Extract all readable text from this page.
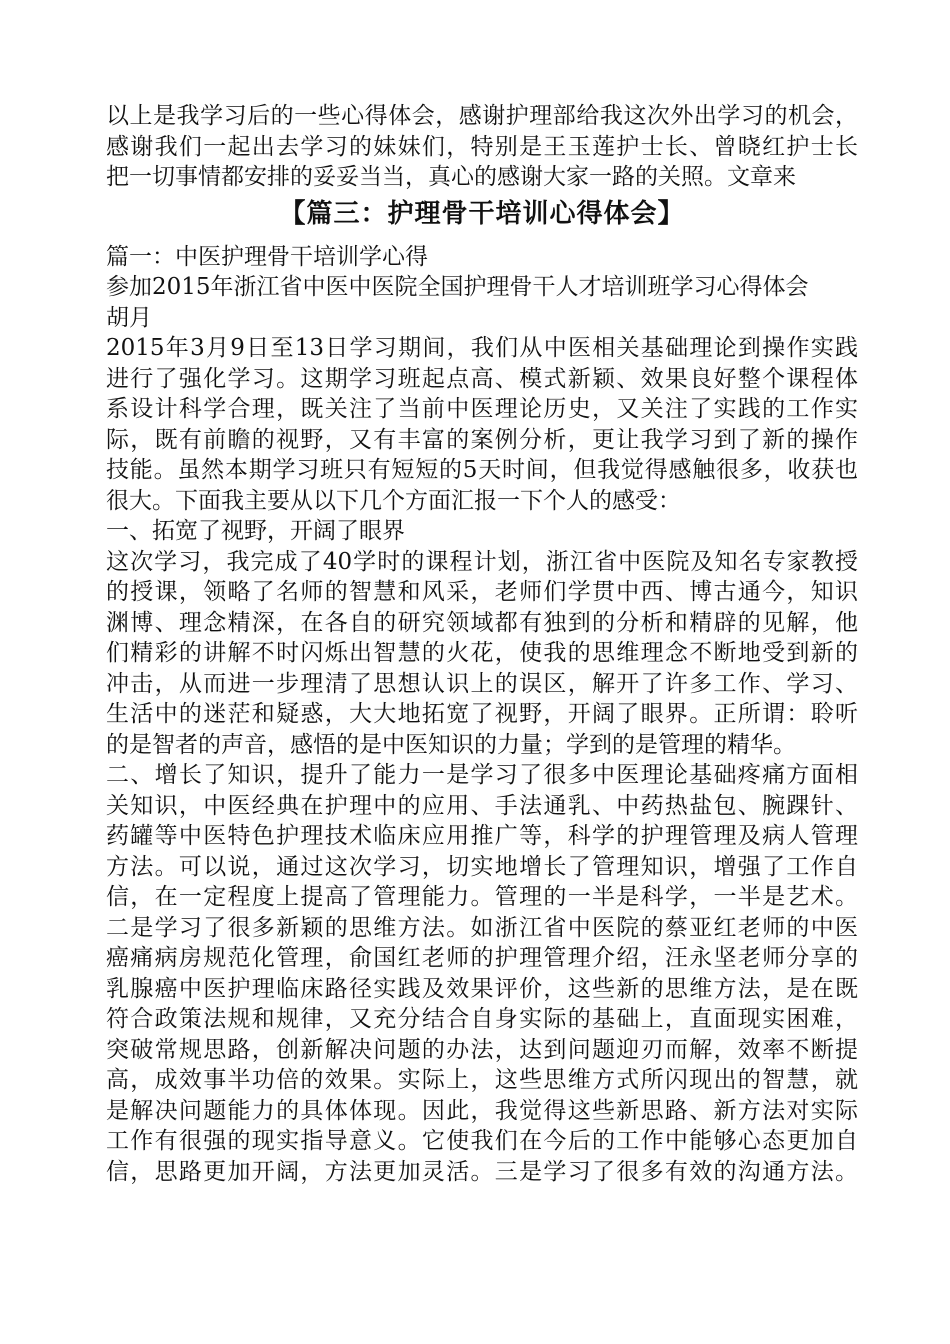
以上是我学习后的一些心得体会，感谢护理部给我这次外出学习的机会，
感谢我们一起出去学习的妹妹们，特别是王玉莲护士长、曾晓红护士长
把一切事情都安排的妥妥当当，真心的感谢大家一路的关照。文章来
【篇三：护理骨干培训心得体会】
篇一：中医护理骨干培训学心得
参加2015年浙江省中医中医院全国护理骨干人才培训班学习心得体会
胡月
2015年3月9日至13日学习期间，我们从中医相关基础理论到操作实践
进行了强化学习。这期学习班起点高、模式新颖、效果良好整个课程体
系设计科学合理，既关注了当前中医理论历史，又关注了实践的工作实
际，既有前瞻的视野，又有丰富的案例分析，更让我学习到了新的操作
技能。虽然本期学习班只有短短的5天时间，但我觉得感触很多，收获也
很大。下面我主要从以下几个方面汇报一下个人的感受：
一、拓宽了视野，开阔了眼界
这次学习，我完成了40学时的课程计划，浙江省中医院及知名专家教授
的授课，领略了名师的智慧和风采，老师们学贯中西、博古通今，知识
渊博、理念精深，在各自的研究领域都有独到的分析和精辟的见解，他
们精彩的讲解不时闪烁出智慧的火花，使我的思维理念不断地受到新的
冲击，从而进一步理清了思想认识上的误区，解开了许多工作、学习、
生活中的迷茫和疑惑，大大地拓宽了视野，开阔了眼界。正所谓：聆听
的是智者的声音，感悟的是中医知识的力量；学到的是管理的精华。
二、增长了知识，提升了能力一是学习了很多中医理论基础疼痛方面相
关知识，中医经典在护理中的应用、手法通乳、中药热盐包、腕踝针、
药罐等中医特色护理技术临床应用推广等，科学的护理管理及病人管理
方法。可以说，通过这次学习，切实地增长了管理知识，增强了工作自
信，在一定程度上提高了管理能力。管理的一半是科学，一半是艺术。
二是学习了很多新颖的思维方法。如浙江省中医院的蔡亚红老师的中医
癌痛病房规范化管理，俞国红老师的护理管理介绍，汪永坚老师分享的
乳腺癌中医护理临床路径实践及效果评价，这些新的思维方法，是在既
符合政策法规和规律，又充分结合自身实际的基础上，直面现实困难，
突破常规思路，创新解决问题的办法，达到问题迎刃而解，效率不断提
高，成效事半功倍的效果。实际上，这些思维方式所闪现出的智慧，就
是解决问题能力的具体体现。因此，我觉得这些新思路、新方法对实际
工作有很强的现实指导意义。它使我们在今后的工作中能够心态更加自
信，思路更加开阔，方法更加灵活。三是学习了很多有效的沟通方法。
